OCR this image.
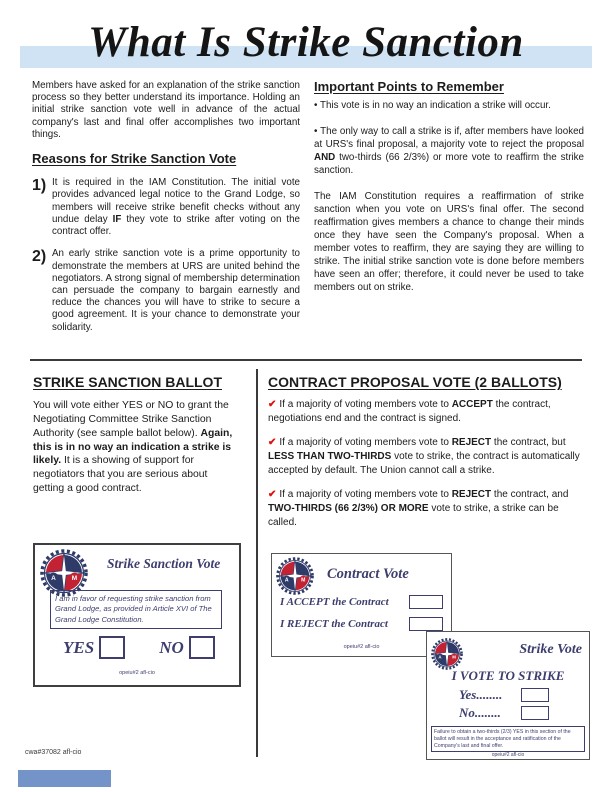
What Is Strike Sanction

Members have asked for an explanation of the strike sanction process so they better understand its importance. Holding an initial strike sanction vote well in advance of the actual company's last and final offer accomplishes two important things.

Reasons for Strike Sanction Vote
1) It is required in the IAM Constitution. The initial vote provides advanced legal notice to the Grand Lodge, so members will receive strike benefit checks without any undue delay IF they vote to strike after voting on the contract offer.
2) An early strike sanction vote is a prime opportunity to demonstrate the members at URS are united behind the negotiators. A strong signal of membership determination can persuade the company to bargain earnestly and reduce the chances you will have to strike to secure a good agreement. It is your chance to demonstrate your solidarity.
Important Points to Remember

• This vote is in no way an indication a strike will occur.

• The only way to call a strike is if, after members have looked at URS's final proposal, a majority vote to reject the proposal AND two-thirds (66 2/3%) or more vote to reaffirm the strike sanction.

The IAM Constitution requires a reaffirmation of strike sanction when you vote on URS's final offer. The second reaffirmation gives members a chance to change their minds once they have seen the Company's proposal. When a member votes to reaffirm, they are saying they are willing to strike. The initial strike sanction vote is done before members have seen an offer; therefore, it could never be used to take members out on strike.

STRIKE SANCTION BALLOT

You will vote either YES or NO to grant the Negotiating Committee Strike Sanction Authority (see sample ballot below). Again, this is in no way an indication a strike is likely. It is a showing of support for negotiators that you are serious about getting a good contract.

CONTRACT PROPOSAL VOTE (2 BALLOTS)

✔ If a majority of voting members vote to ACCEPT the contract, negotiations end and the contract is signed.

✔ If a majority of voting members vote to REJECT the contract, but LESS THAN TWO-THIRDS vote to strike, the contract is automatically accepted by default. The Union cannot call a strike.

✔ If a majority of voting members vote to REJECT the contract, and TWO-THIRDS (66 2/3%) OR MORE vote to strike, a strike can be called.

Strike Sanction Vote
I am in favor of requesting strike sanction from Grand Lodge, as provided in Article XVI of The Grand Lodge Constitution.
YES	NO
opeiu#2 afl-cio
Contract Vote
I ACCEPT the Contract
I REJECT the Contract
opeiu#2 afl-cio	Strike Vote
I VOTE TO STRIKE
Yes........
No........
Failure to obtain a two-thirds (2/3) YES in this section of the ballot will result in the acceptance and ratification of the Company's last and final offer.
opeiu#2 afl-cio
cwa#37082 afl-cio
